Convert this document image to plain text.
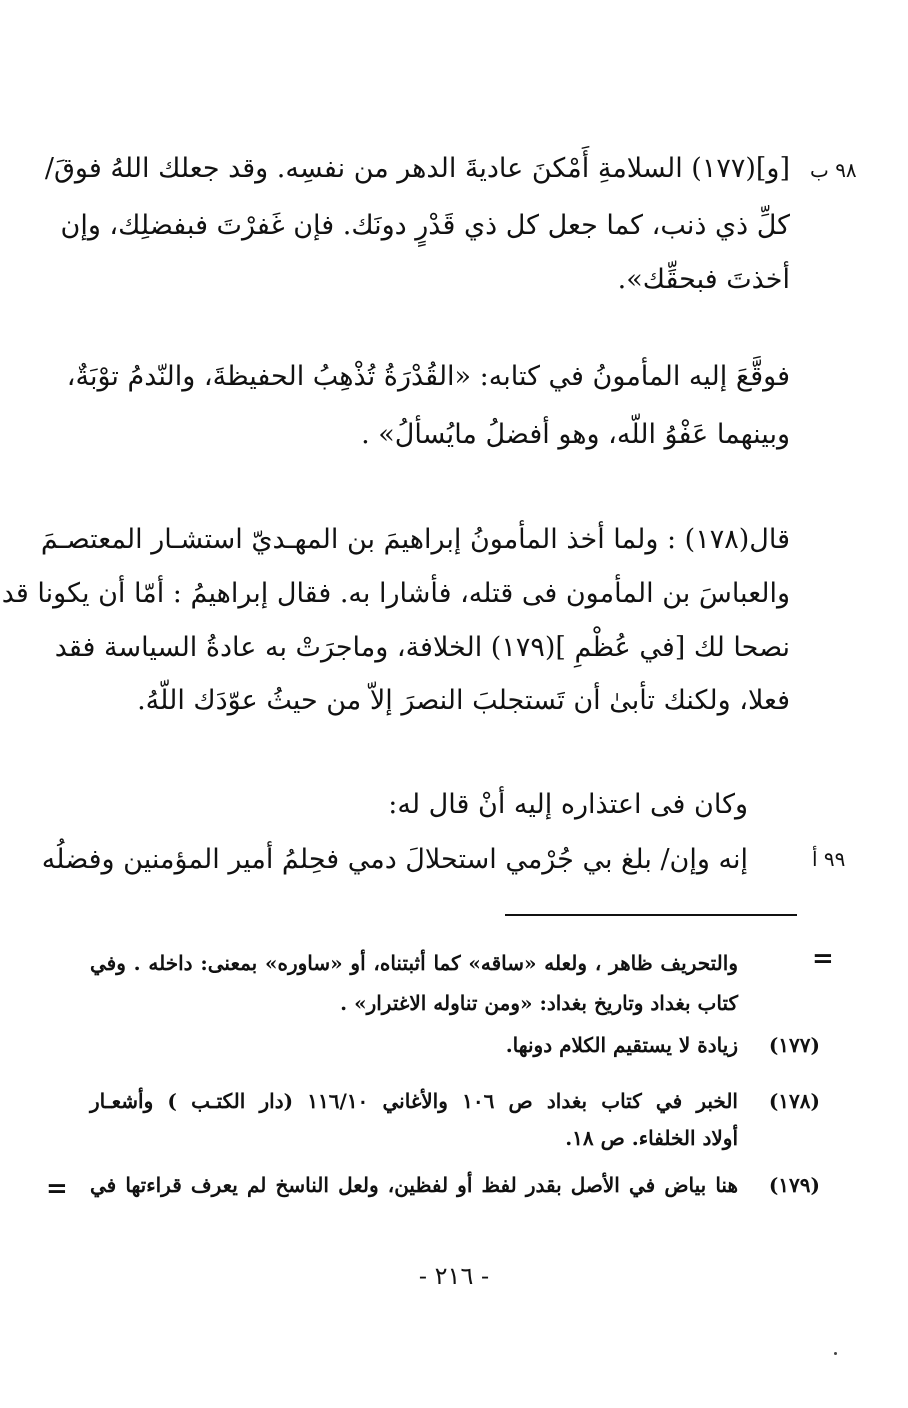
٩٨ ب
٩٩ أ
[و](١٧٧) السلامةِ أَمْكنَ عاديةَ الدهر من نفسِه. وقد جعلك اللهُ فوقَ/
كلِّ ذي ذنب، كما جعل كل ذي قَدْرٍ دونَك. فإن غَفرْتَ فبفضلِك، وإن
أخذتَ فبحقِّك».
فوقَّعَ إليه المأمونُ في كتابه: «القُدْرَةُ تُذْهِبُ الحفيظةَ، والنّدمُ توْبَةٌ،
وبينهما عَفْوُ اللّه، وهو أفضلُ مايُسألُ» .
قال(١٧٨) : ولما أخذ المأمونُ إبراهيمَ بن المهـديّ استشـار المعتصـمَ
والعباسَ بن المأمون فى قتله، فأشارا به. فقال إبراهيمُ : أمّا أن يكونا قد
نصحا لك [في عُظْمِ ](١٧٩) الخلافة، وماجرَتْ به عادةُ السياسة فقد
فعلا، ولكنك تأبىٰ أن تَستجلبَ النصرَ إلاّ من حيثُ عوّدَك اللّهُ.
وكان فى اعتذاره إليه أنْ قال له:
إنه وإن/ بلغ بي جُرْمي استحلالَ دمي فحِلمُ أمير المؤمنين وفضلُه
=
والتحريف ظاهر ، ولعله «ساقه» كما أثبتناه، أو «ساوره» بمعنى: داخله . وفي
كتاب بغداد وتاريخ بغداد: «ومن تناوله الاغترار» .
(١٧٧)
زيادة لا يستقيم الكلام دونها.
(١٧٨)
الخبر في كتاب بغداد ص ١٠٦ والأغاني ١١٦/١٠ (دار الكتـب ) وأشعـار
أولاد الخلفاء. ص ١٨.
(١٧٩)
هنا بياض في الأصل بقدر لفظ أو لفظين، ولعل الناسخ لم يعرف قراءتها في
=
- ٢١٦ -
